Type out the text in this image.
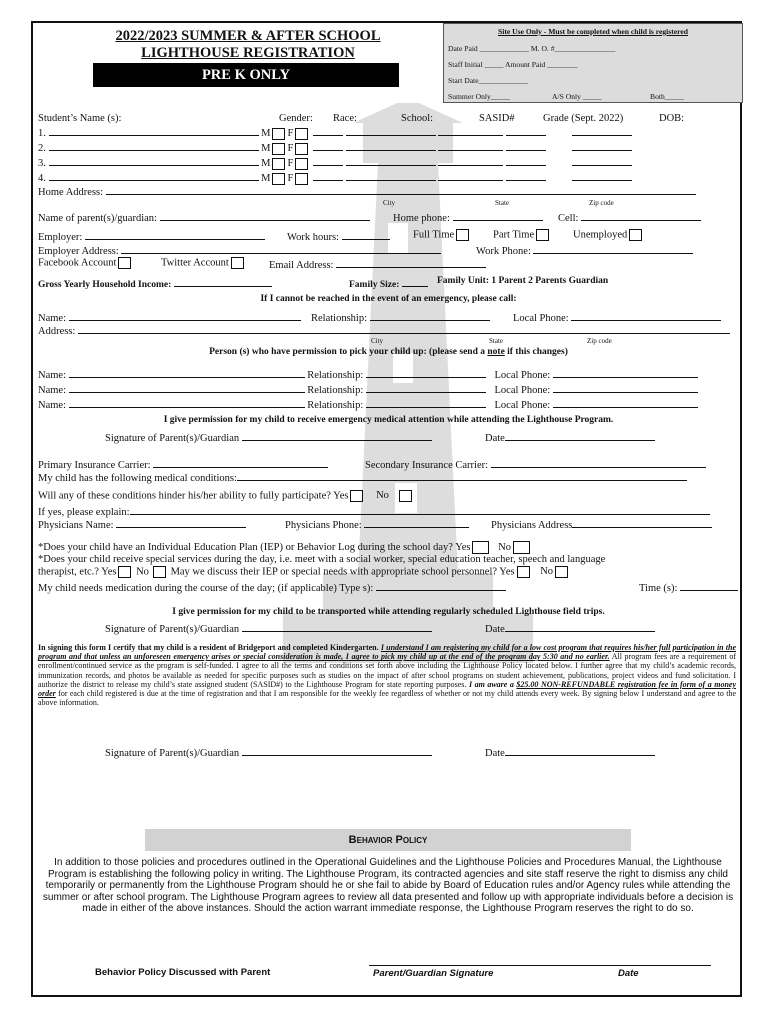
2022/2023 SUMMER & AFTER SCHOOL
LIGHTHOUSE REGISTRATION
PRE K ONLY
Site Use Only - Must be completed when child is registered
Date Paid _____________ M. O. #________________
Staff Initial _____ Amount Paid ________
Start Date_____________
Summer Only_____	A/S Only _____	Both_____
Student’s Name (s):	Gender: Race:	School:	SASID#	Grade (Sept. 2022)	DOB:
1.	M F
2.	M F
3.	M F
4.	M F
Home Address:
City	State	Zip code
Name of parent(s)/guardian:	Home phone:	Cell:
Employer:	Work hours:	Full Time	Part Time	Unemployed
Employer Address:	Work Phone:
Facebook Account	Twitter Account	Email Address:
Gross Yearly Household Income:	Family Size:	Family Unit: 1 Parent 2 Parents Guardian
If I cannot be reached in the event of an emergency, please call:
Name:	Relationship:	Local Phone:
Address:
City	State	Zip code
Person (s) who have permission to pick your child up: (please send a note if this changes)
Name:	Relationship:	Local Phone:
Name:	Relationship:	Local Phone:
Name:	Relationship:	Local Phone:
I give permission for my child to receive emergency medical attention while attending the Lighthouse Program.
Signature of Parent(s)/Guardian	Date
Primary Insurance Carrier:	Secondary Insurance Carrier:
My child has the following medical conditions:
Will any of these conditions hinder his/her ability to fully participate? Yes	No
If yes, please explain:
Physicians Name:	Physicians Phone:	Physicians Address
*Does your child have an Individual Education Plan (IEP) or Behavior Log during the school day? Yes	No
*Does your child receive special services during the day, i.e. meet with a social worker, special education teacher, speech and language
therapist, etc.? Yes No May we discuss their IEP or special needs with appropriate school personnel? Yes No
My child needs medication during the course of the day; (if applicable) Type s):	Time (s):
I give permission for my child to be transported while attending regularly scheduled Lighthouse field trips.
Signature of Parent(s)/Guardian	Date
In signing this form I certify that my child is a resident of Bridgeport and completed Kindergarten. I understand I am registering my child for a low cost program that requires his/her full participation in the program and that unless an unforeseen emergency arises or special consideration is made, I agree to pick my child up at the end of the program day 5:30 and no earlier. All program fees are a requirement of enrollment/continued service as the program is self-funded. I agree to all the terms and conditions set forth above including the Lighthouse Policy located below. I further agree that my child’s academic records, immunization records, and photos be available as needed for specific purposes such as studies on the impact of after school programs on student achievement, publications, project videos and fund solicitation. I authorize the district to release my child’s state assigned student (SASID#) to the Lighthouse Program for state reporting purposes. I am aware a $25.00 NON-REFUNDABLE registration fee in form of a money order for each child registered is due at the time of registration and that I am responsible for the weekly fee regardless of whether or not my child attends every week. By signing below I understand and agree to the above information.
Signature of Parent(s)/Guardian	Date
Behavior Policy
In addition to those policies and procedures outlined in the Operational Guidelines and the Lighthouse Policies and Procedures Manual, the Lighthouse Program is establishing the following policy in writing. The Lighthouse Program, its contracted agencies and site staff reserve the right to dismiss any child temporarily or permanently from the Lighthouse Program should he or she fail to abide by Board of Education rules and/or Agency rules while attending the summer or after school program. The Lighthouse Program agrees to review all data presented and follow up with appropriate individuals before a decision is made in either of the above instances. Should the action warrant immediate response, the Lighthouse Program reserves the right to do so.
Behavior Policy Discussed with Parent	Parent/Guardian Signature	Date
